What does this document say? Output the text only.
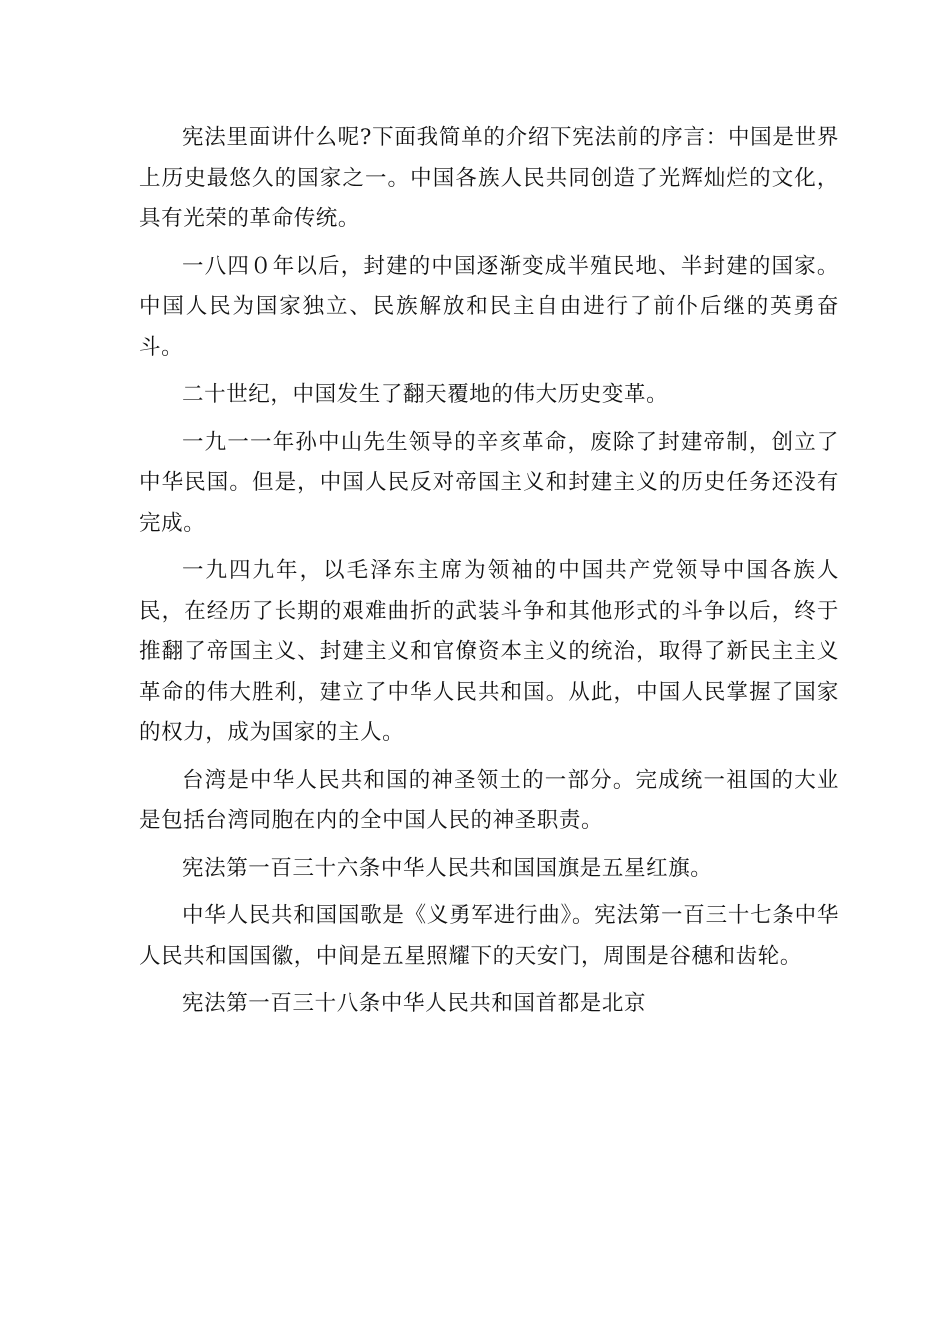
宪法里面讲什么呢?下面我简单的介绍下宪法前的序言：中国是世界上历史最悠久的国家之一。中国各族人民共同创造了光辉灿烂的文化，具有光荣的革命传统。

一八四０年以后，封建的中国逐渐变成半殖民地、半封建的国家。中国人民为国家独立、民族解放和民主自由进行了前仆后继的英勇奋斗。

二十世纪，中国发生了翻天覆地的伟大历史变革。

一九一一年孙中山先生领导的辛亥革命，废除了封建帝制，创立了中华民国。但是，中国人民反对帝国主义和封建主义的历史任务还没有完成。

一九四九年，以毛泽东主席为领袖的中国共产党领导中国各族人民，在经历了长期的艰难曲折的武装斗争和其他形式的斗争以后，终于推翻了帝国主义、封建主义和官僚资本主义的统治，取得了新民主主义革命的伟大胜利，建立了中华人民共和国。从此，中国人民掌握了国家的权力，成为国家的主人。

台湾是中华人民共和国的神圣领土的一部分。完成统一祖国的大业是包括台湾同胞在内的全中国人民的神圣职责。

宪法第一百三十六条中华人民共和国国旗是五星红旗。

中华人民共和国国歌是《义勇军进行曲》。宪法第一百三十七条中华人民共和国国徽，中间是五星照耀下的天安门，周围是谷穗和齿轮。

宪法第一百三十八条中华人民共和国首都是北京
